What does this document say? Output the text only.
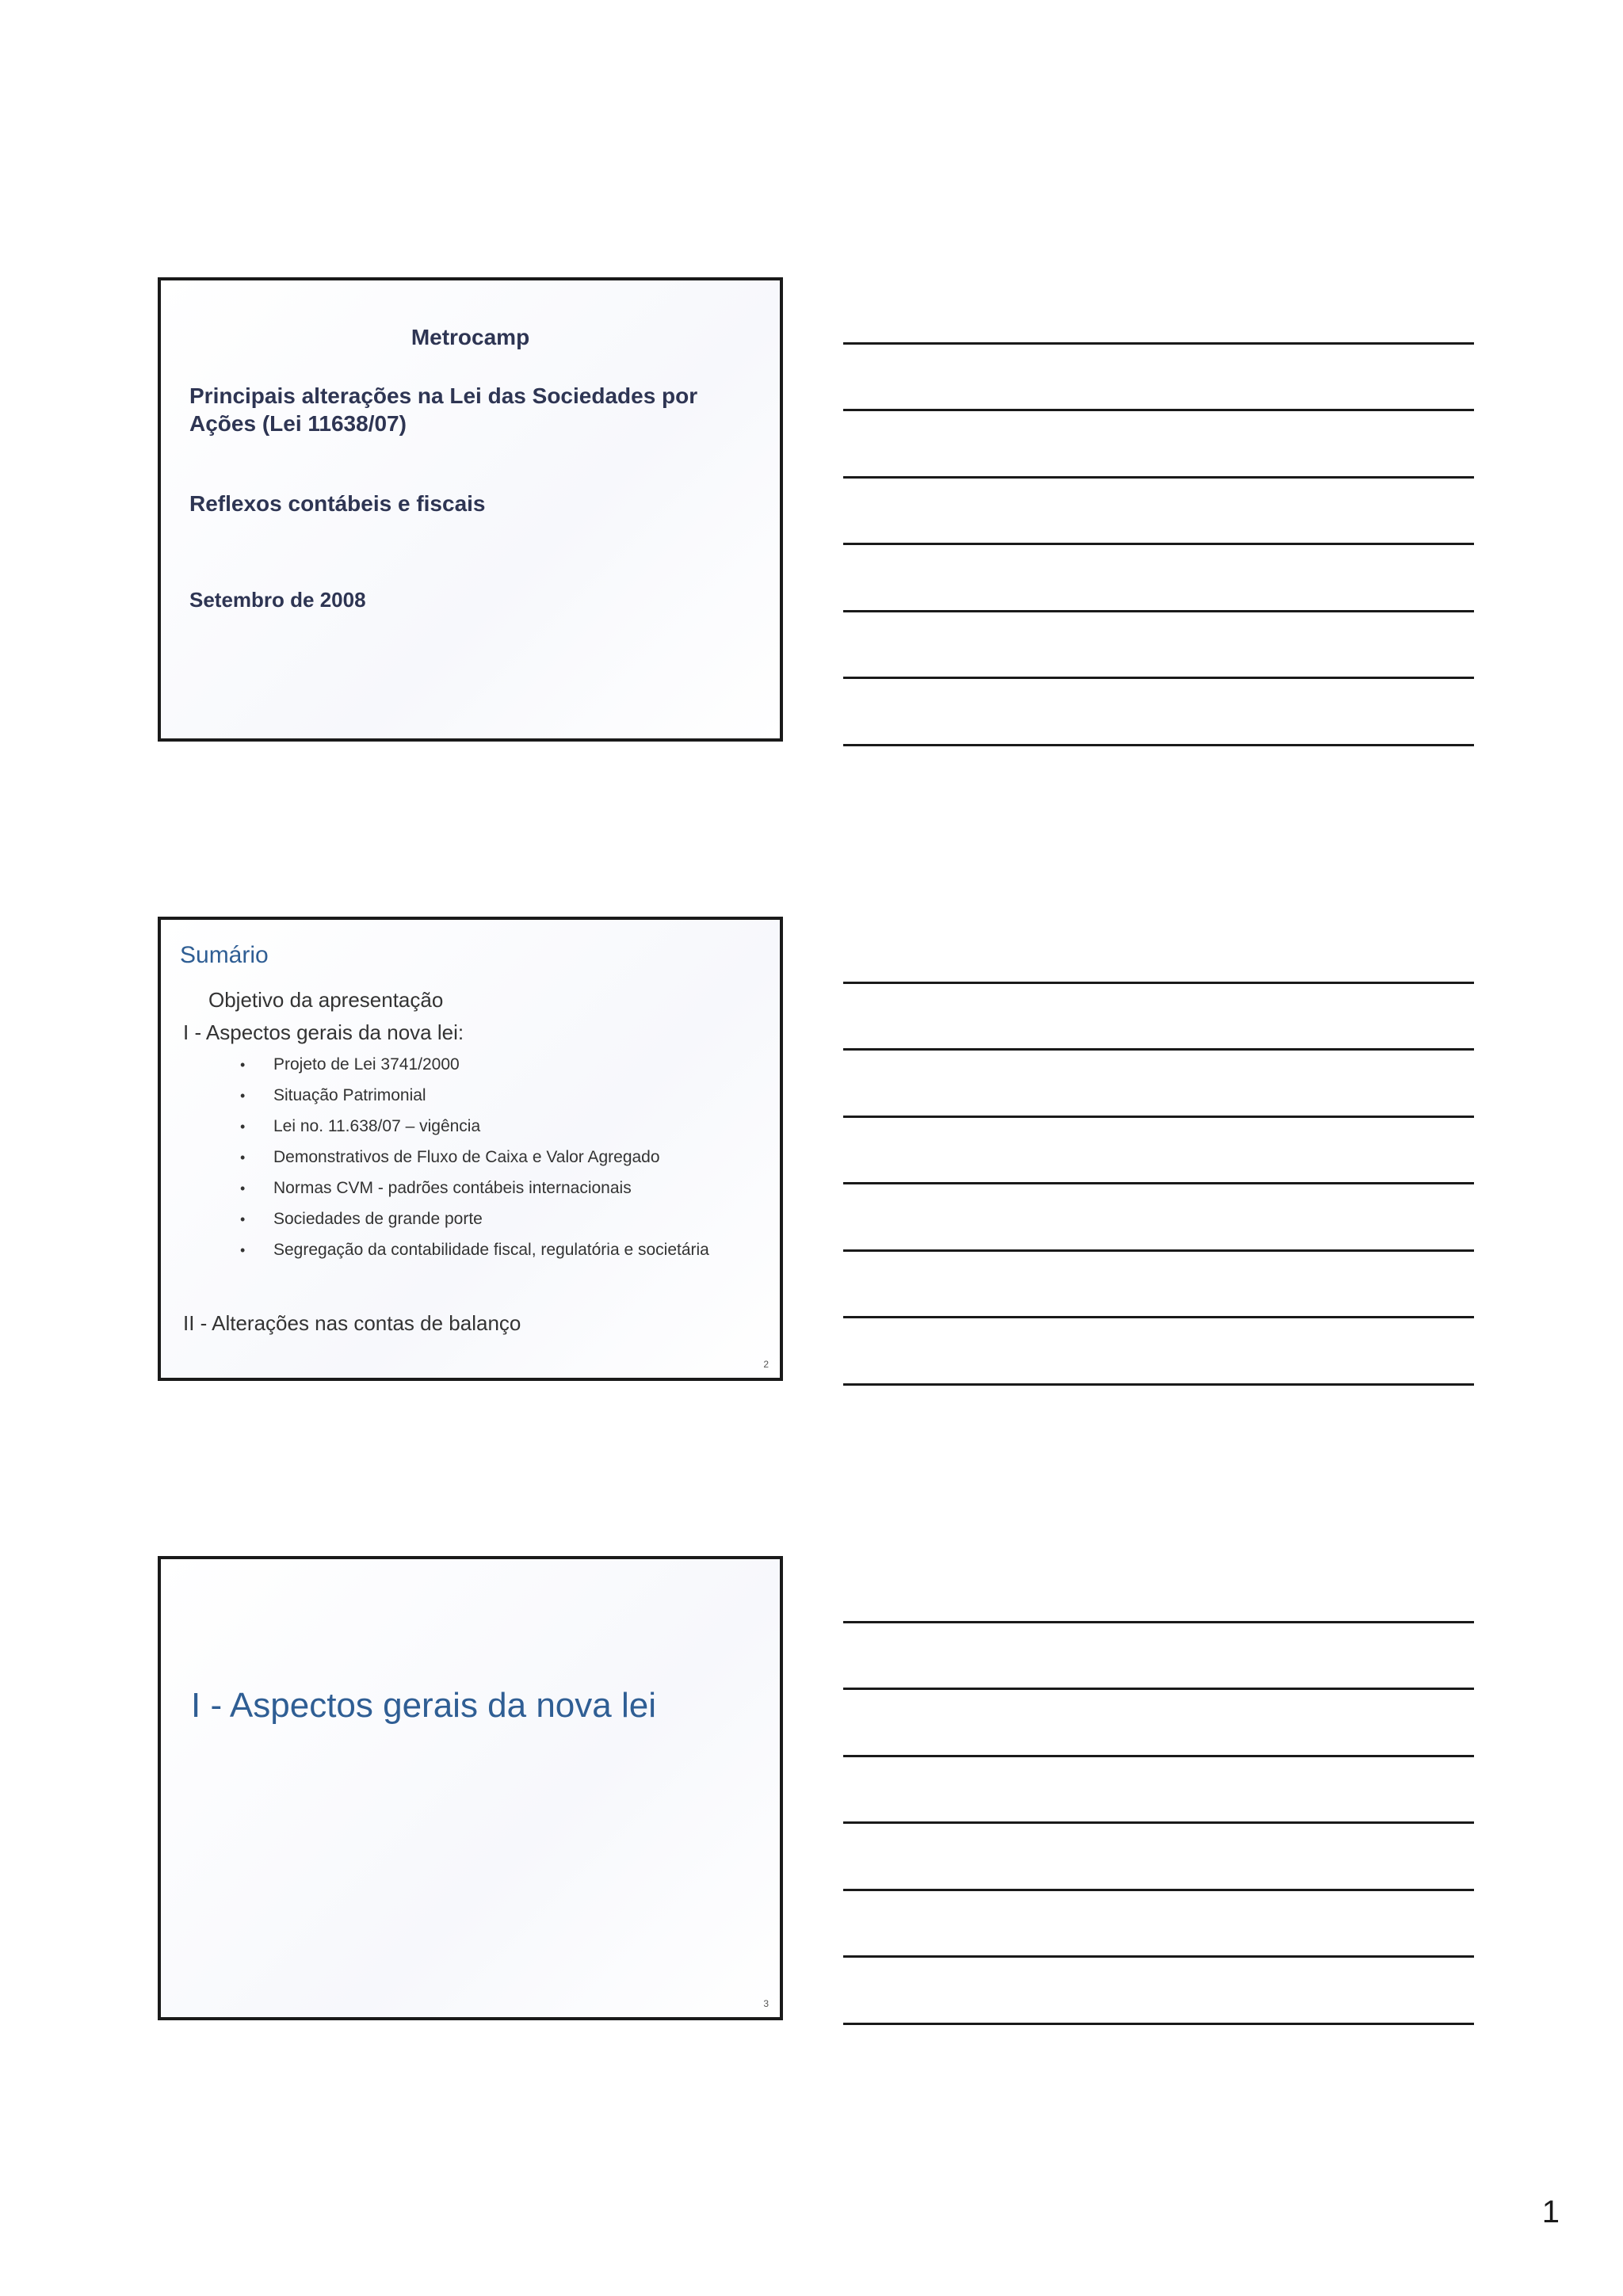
Metrocamp
Principais alterações na Lei das Sociedades por Ações (Lei 11638/07)
Reflexos contábeis e fiscais
Setembro de 2008
Sumário
Objetivo da apresentação
I - Aspectos gerais da nova lei:
• Projeto de Lei 3741/2000
• Situação Patrimonial
• Lei no. 11.638/07 – vigência
• Demonstrativos de Fluxo de Caixa e Valor Agregado
• Normas CVM - padrões contábeis internacionais
• Sociedades de grande porte
• Segregação da contabilidade fiscal, regulatória e societária
II - Alterações nas contas de balanço
2
I - Aspectos gerais da nova lei
3
1
